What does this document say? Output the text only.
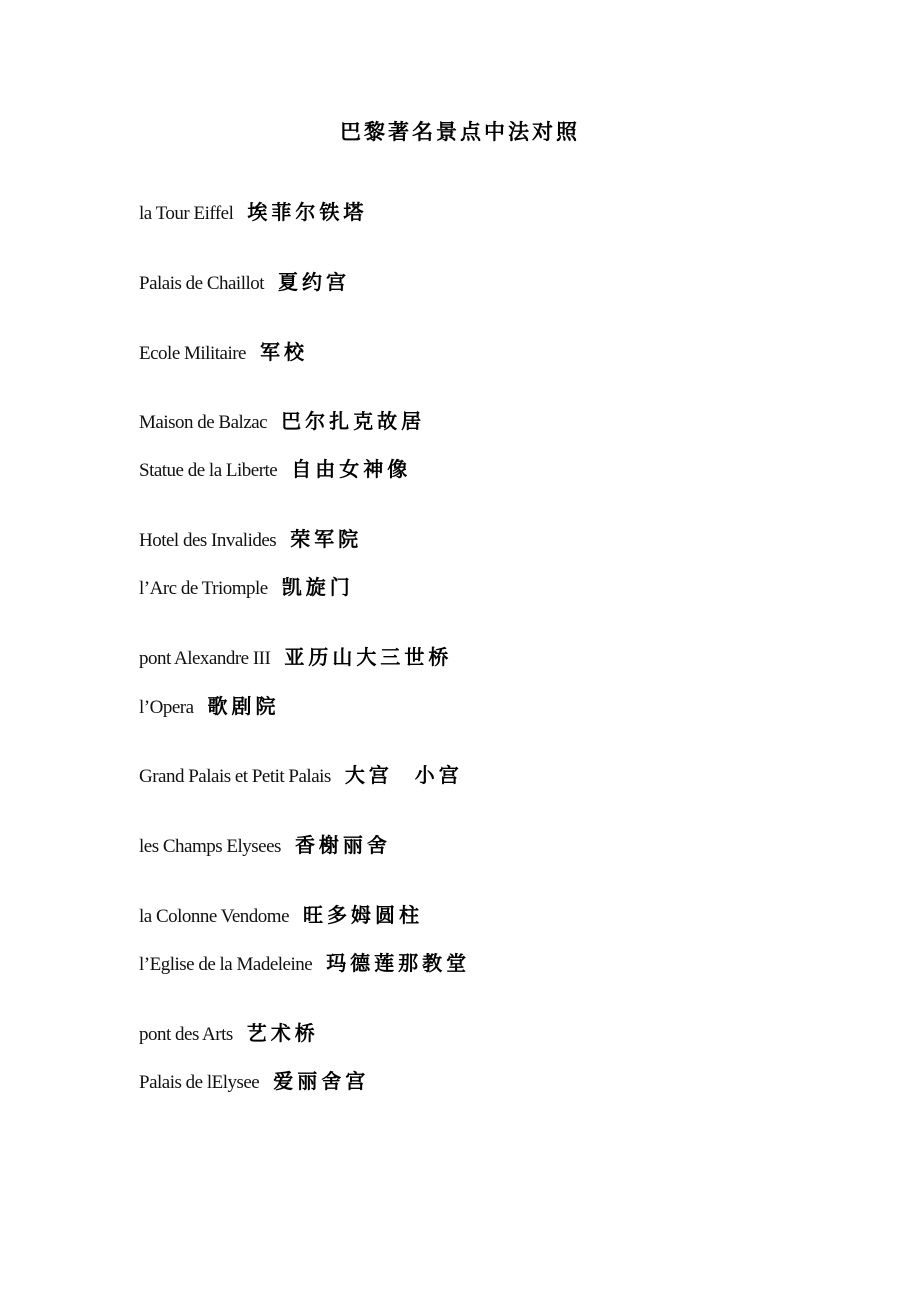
巴黎著名景点中法对照
la Tour Eiffel 埃菲尔铁塔
Palais de Chaillot 夏约宫
Ecole Militaire 军校
Maison de Balzac 巴尔扎克故居
Statue de la Liberte 自由女神像
Hotel des Invalides 荣军院
l’Arc de Triomple 凯旋门
pont Alexandre III 亚历山大三世桥
l’Opera 歌剧院
Grand Palais et Petit Palais 大宫  小宫
les Champs Elysees 香榭丽舍
la Colonne Vendome 旺多姆圆柱
l’Eglise de la Madeleine 玛德莲那教堂
pont des Arts 艺术桥
Palais de lElysee 爱丽舍宫
